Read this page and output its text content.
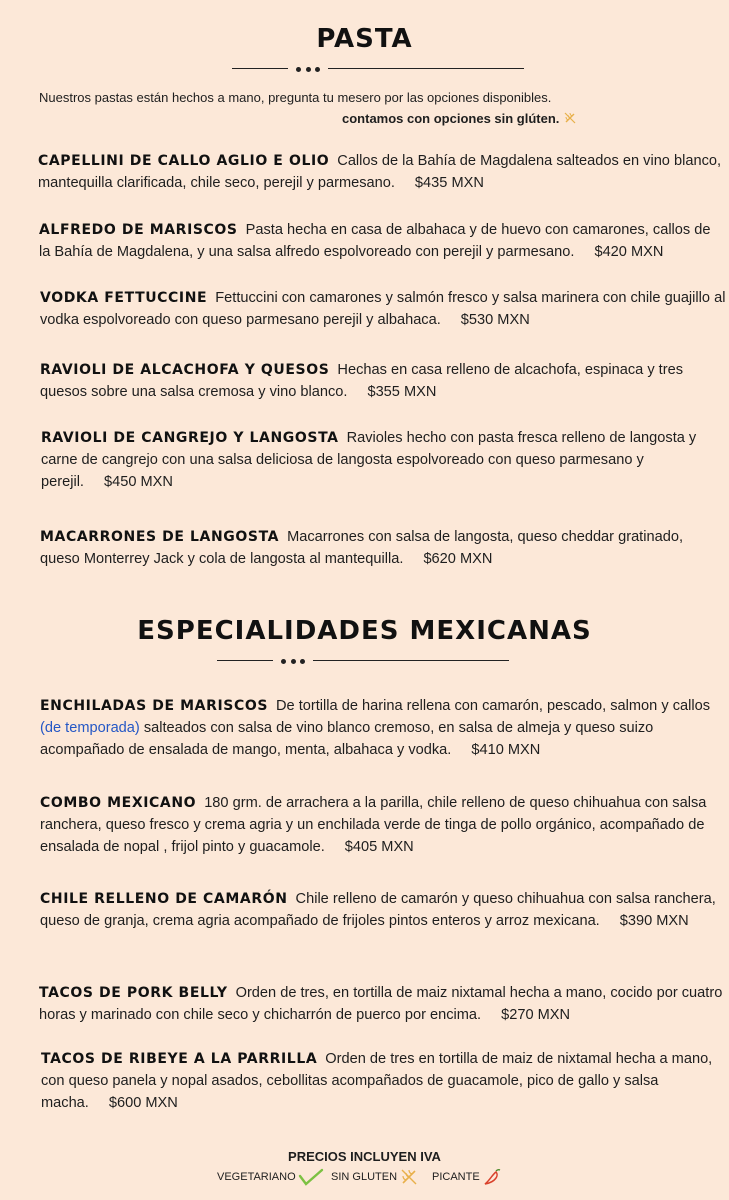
PASTA
Nuestros pastas están hechos a mano, pregunta tu mesero por las opciones disponibles.
contamos con opciones sin glúten.
CAPELLINI DE CALLO AGLIO E OLIO Callos de la Bahía de Magdalena salteados en vino blanco, mantequilla clarificada, chile seco, perejil y parmesano. $435 MXN
ALFREDO DE MARISCOS Pasta hecha en casa de albahaca y de huevo con camarones, callos de la Bahía de Magdalena, y una salsa alfredo espolvoreado con perejil y parmesano. $420 MXN
VODKA FETTUCCINE Fettuccini con camarones y salmón fresco y salsa marinera con chile guajillo al vodka espolvoreado con queso parmesano perejil y albahaca. $530 MXN
RAVIOLI DE ALCACHOFA Y QUESOS Hechas en casa relleno de alcachofa, espinaca y tres quesos sobre una salsa cremosa y vino blanco. $355 MXN
RAVIOLI DE CANGREJO Y LANGOSTA Ravioles hecho con pasta fresca relleno de langosta y carne de cangrejo con una salsa deliciosa de langosta espolvoreado con queso parmesano y perejil. $450 MXN
MACARRONES DE LANGOSTA Macarrones con salsa de langosta, queso cheddar gratinado, queso Monterrey Jack y cola de langosta al mantequilla. $620 MXN
ESPECIALIDADES MEXICANAS
ENCHILADAS DE MARISCOS De tortilla de harina rellena con camarón, pescado, salmon y callos (de temporada) salteados con salsa de vino blanco cremoso, en salsa de almeja y queso suizo acompañado de ensalada de mango, menta, albahaca y vodka. $410 MXN
COMBO MEXICANO 180 grm. de arrachera a la parilla, chile relleno de queso chihuahua con salsa ranchera, queso fresco y crema agria y un enchilada verde de tinga de pollo orgánico, acompañado de ensalada de nopal , frijol pinto y guacamole. $405 MXN
CHILE RELLENO DE CAMARÓN Chile relleno de camarón y queso chihuahua con salsa ranchera, queso de granja, crema agria acompañado de frijoles pintos enteros y arroz mexicana. $390 MXN
TACOS DE PORK BELLY Orden de tres, en tortilla de maiz nixtamal hecha a mano, cocido por cuatro horas y marinado con chile seco y chicharrón de puerco por encima. $270 MXN
TACOS DE RIBEYE A LA PARRILLA Orden de tres en tortilla de maiz de nixtamal hecha a mano, con queso panela y nopal asados, cebollitas acompañados de guacamole, pico de gallo y salsa macha. $600 MXN
PRECIOS INCLUYEN IVA
VEGETARIANO	SIN GLUTEN	PICANTE
